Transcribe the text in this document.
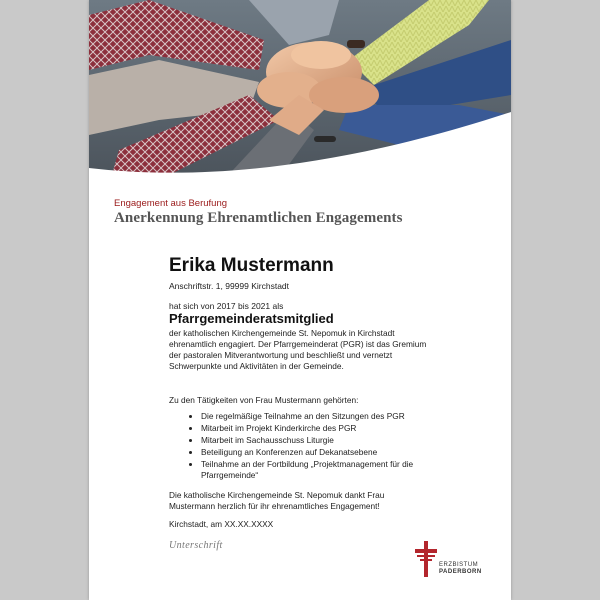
Engagement aus Berufung
Anerkennung Ehrenamtlichen Engagements
Erika Mustermann
Anschriftstr. 1, 99999 Kirchstadt
hat sich von 2017 bis 2021 als
Pfarrgemeinderatsmitglied
der katholischen Kirchengemeinde St. Nepomuk in Kirchstadt ehrenamtlich engagiert. Der Pfarrgemeinderat (PGR) ist das Gremium der pastoralen Mitverantwortung und beschließt und vernetzt Schwerpunkte und Aktivitäten in der Gemeinde.
Zu den Tätigkeiten von Frau Mustermann gehörten:
• Die regelmäßige Teilnahme an den Sitzungen des PGR
• Mitarbeit im Projekt Kinderkirche des PGR
• Mitarbeit im Sachausschuss Liturgie
• Beteiligung an Konferenzen auf Dekanatsebene
• Teilnahme an der Fortbildung „Projektmanagement für die Pfarrgemeinde“
Die katholische Kirchengemeinde St. Nepomuk dankt Frau Mustermann herzlich für ihr ehrenamtliches Engagement!
Kirchstadt, am XX.XX.XXXX
Unterschrift
ERZBISTUM
PADERBORN
